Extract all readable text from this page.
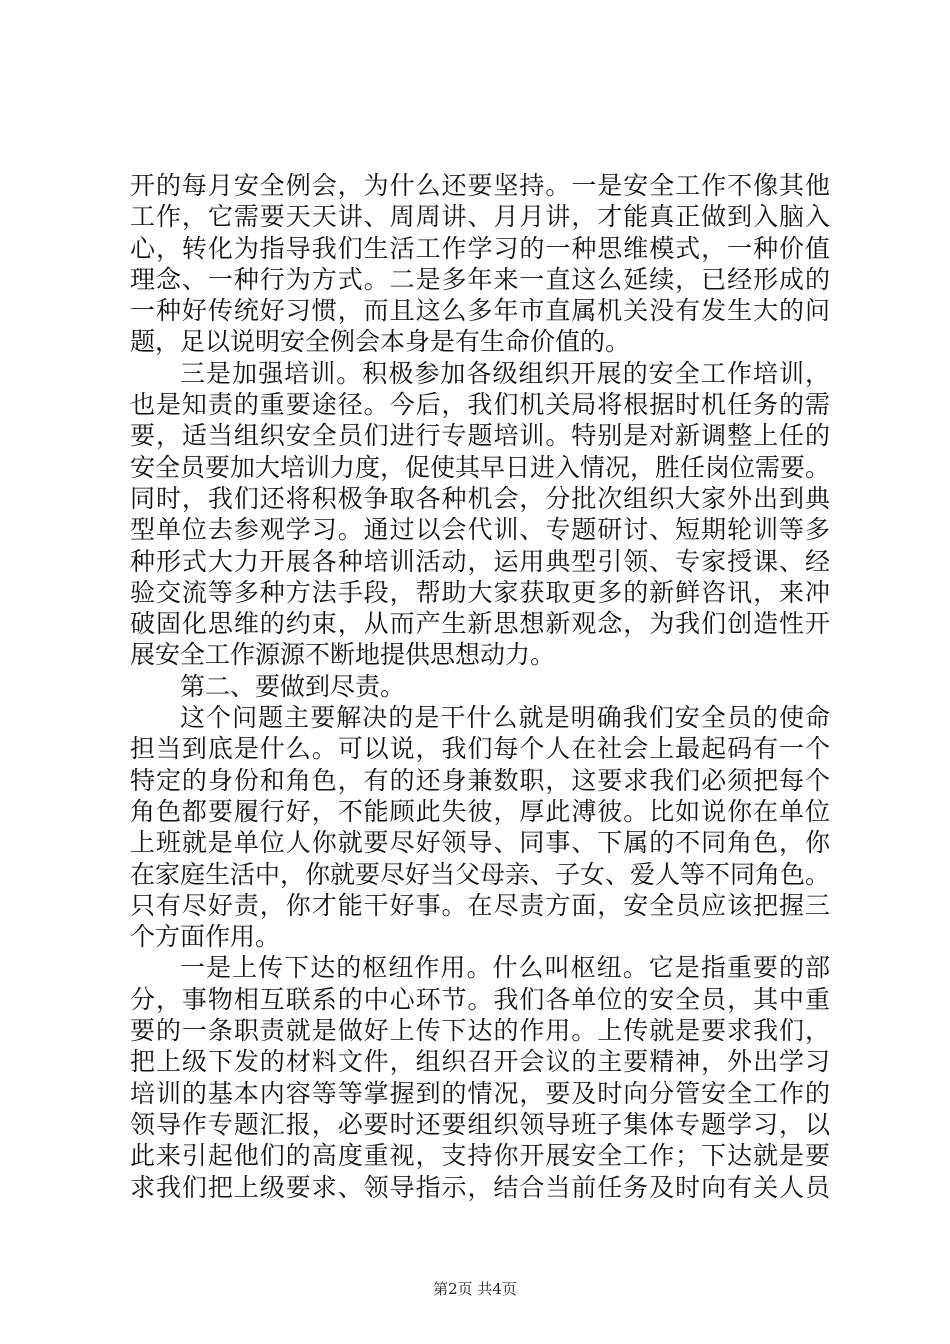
开的每月安全例会，为什么还要坚持。一是安全工作不像其他
工作，它需要天天讲、周周讲、月月讲，才能真正做到入脑入
心，转化为指导我们生活工作学习的一种思维模式，一种价值
理念、一种行为方式。二是多年来一直这么延续，已经形成的
一种好传统好习惯，而且这么多年市直属机关没有发生大的问
题，足以说明安全例会本身是有生命价值的。
三是加强培训。积极参加各级组织开展的安全工作培训，
也是知责的重要途径。今后，我们机关局将根据时机任务的需
要，适当组织安全员们进行专题培训。特别是对新调整上任的
安全员要加大培训力度，促使其早日进入情况，胜任岗位需要。
同时，我们还将积极争取各种机会，分批次组织大家外出到典
型单位去参观学习。通过以会代训、专题研讨、短期轮训等多
种形式大力开展各种培训活动，运用典型引领、专家授课、经
验交流等多种方法手段，帮助大家获取更多的新鲜咨讯，来冲
破固化思维的约束，从而产生新思想新观念，为我们创造性开
展安全工作源源不断地提供思想动力。
第二、要做到尽责。
这个问题主要解决的是干什么就是明确我们安全员的使命
担当到底是什么。可以说，我们每个人在社会上最起码有一个
特定的身份和角色，有的还身兼数职，这要求我们必须把每个
角色都要履行好，不能顾此失彼，厚此溥彼。比如说你在单位
上班就是单位人你就要尽好领导、同事、下属的不同角色，你
在家庭生活中，你就要尽好当父母亲、子女、爱人等不同角色。
只有尽好责，你才能干好事。在尽责方面，安全员应该把握三
个方面作用。
一是上传下达的枢纽作用。什么叫枢纽。它是指重要的部
分，事物相互联系的中心环节。我们各单位的安全员，其中重
要的一条职责就是做好上传下达的作用。上传就是要求我们，
把上级下发的材料文件，组织召开会议的主要精神，外出学习
培训的基本内容等等掌握到的情况，要及时向分管安全工作的
领导作专题汇报，必要时还要组织领导班子集体专题学习，以
此来引起他们的高度重视，支持你开展安全工作；下达就是要
求我们把上级要求、领导指示，结合当前任务及时向有关人员
第2页 共4页
